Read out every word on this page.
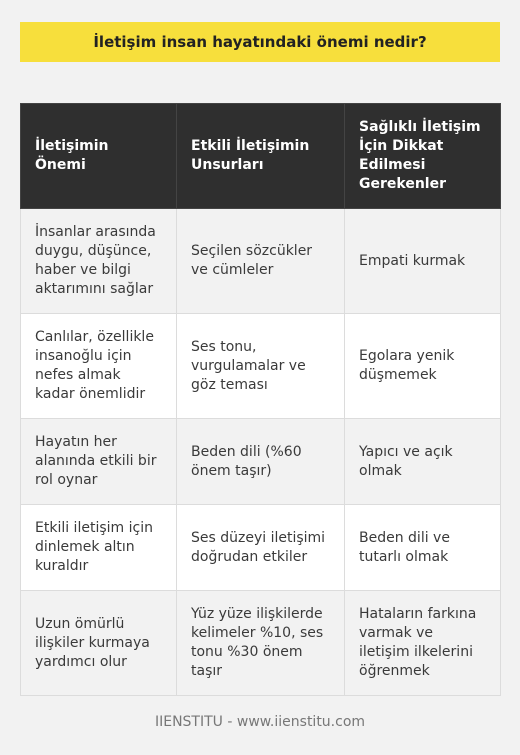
İletişim insan hayatındaki önemi nedir?
İletişimin Önemi	Etkili İletişimin Unsurları	Sağlıklı İletişim İçin Dikkat Edilmesi Gerekenler
İnsanlar arasında duygu, düşünce, haber ve bilgi aktarımını sağlar	Seçilen sözcükler ve cümleler	Empati kurmak
Canlılar, özellikle insanoğlu için nefes almak kadar önemlidir	Ses tonu, vurgulamalar ve göz teması	Egolara yenik düşmemek
Hayatın her alanında etkili bir rol oynar	Beden dili (%60 önem taşır)	Yapıcı ve açık olmak
Etkili iletişim için dinlemek altın kuraldır	Ses düzeyi iletişimi doğrudan etkiler	Beden dili ve tutarlı olmak
Uzun ömürlü ilişkiler kurmaya yardımcı olur	Yüz yüze ilişkilerde kelimeler %10, ses tonu %30 önem taşır	Hataların farkına varmak ve iletişim ilkelerini öğrenmek
IIENSTITU - www.iienstitu.com
